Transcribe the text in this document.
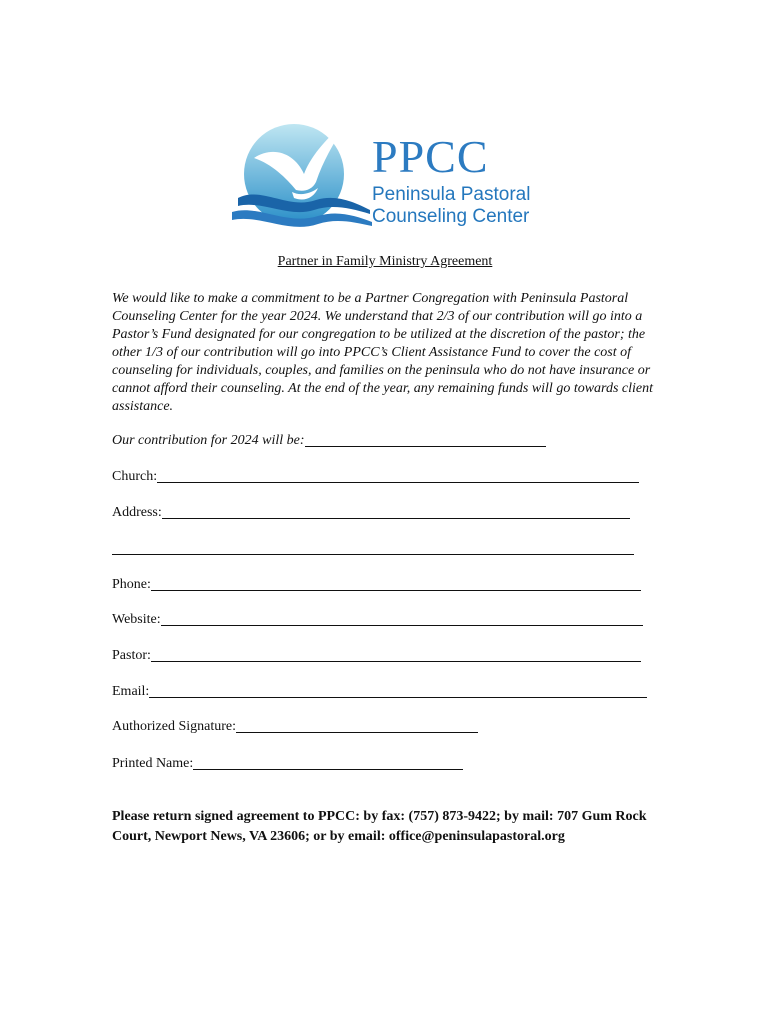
PPCC
Peninsula Pastoral
Counseling Center
Partner in Family Ministry Agreement

We would like to make a commitment to be a Partner Congregation with Peninsula Pastoral Counseling Center for the year 2024. We understand that 2/3 of our contribution will go into a Pastor’s Fund designated for our congregation to be utilized at the discretion of the pastor; the other 1/3 of our contribution will go into PPCC’s Client Assistance Fund to cover the cost of counseling for individuals, couples, and families on the peninsula who do not have insurance or cannot afford their counseling. At the end of the year, any remaining funds will go towards client assistance.

Our contribution for 2024 will be:
Church:
Address:
Phone:
Website:
Pastor:
Email:
Authorized Signature:
Printed Name:

Please return signed agreement to PPCC: by fax: (757) 873-9422; by mail: 707 Gum Rock Court, Newport News, VA 23606; or by email: office@peninsulapastoral.org
